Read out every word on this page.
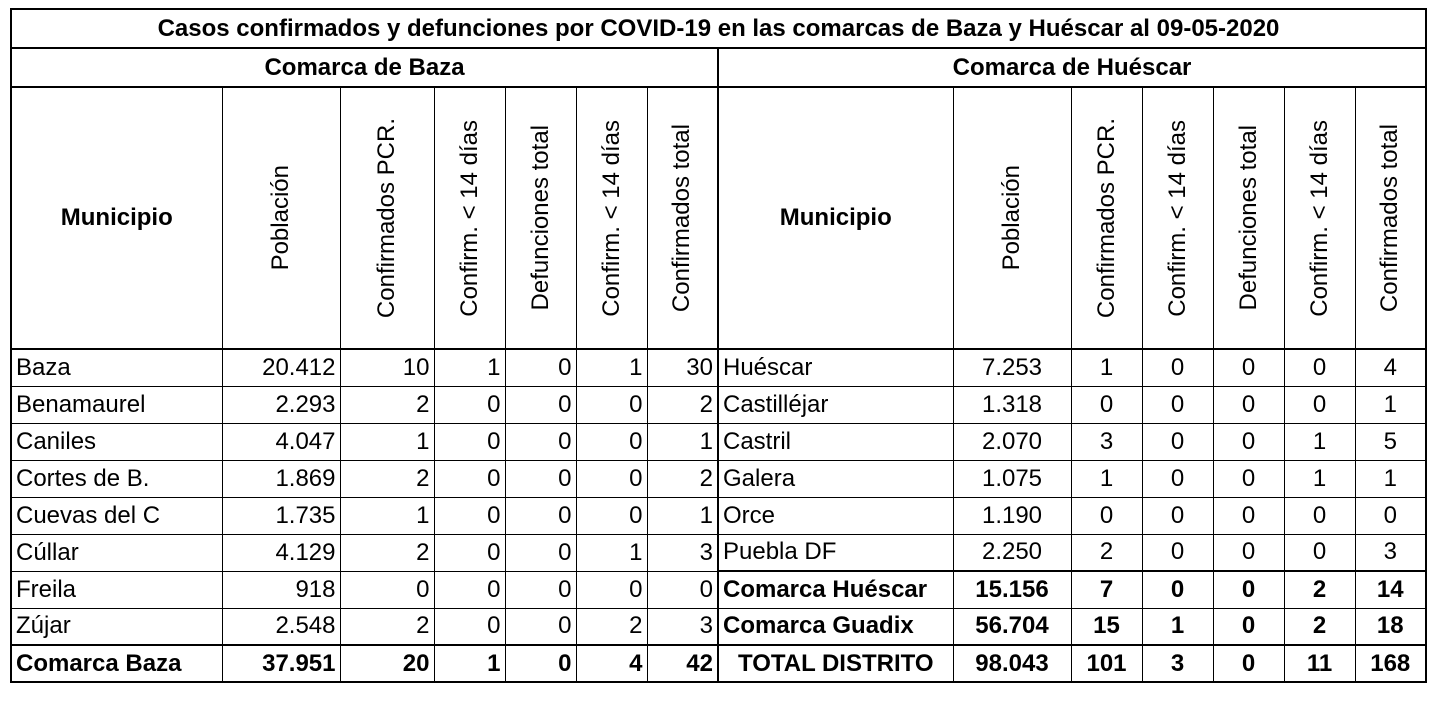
Casos confirmados y defunciones por COVID-19 en las comarcas de Baza y Huéscar al 09-05-2020													
Comarca de Baza							Comarca de Huéscar						
Municipio	Población	Confirmados PCR.	Confirm. < 14 días	Defunciones total	Confirm. < 14 días	Confirmados total	Municipio	Población	Confirmados PCR.	Confirm. < 14 días	Defunciones total	Confirm. < 14 días	Confirmados total

Baza	20.412	10	1	0	1	30	Huéscar	7.253	1	0	0	0	4
Benamaurel	2.293	2	0	0	0	2	Castilléjar	1.318	0	0	0	0	1
Caniles	4.047	1	0	0	0	1	Castril	2.070	3	0	0	1	5
Cortes de B.	1.869	2	0	0	0	2	Galera	1.075	1	0	0	1	1
Cuevas del C	1.735	1	0	0	0	1	Orce	1.190	0	0	0	0	0
Cúllar	4.129	2	0	0	1	3	Puebla DF	2.250	2	0	0	0	3
Freila	918	0	0	0	0	0	Comarca Huéscar	15.156	7	0	0	2	14
Zújar	2.548	2	0	0	2	3	Comarca Guadix	56.704	15	1	0	2	18
Comarca Baza	37.951	20	1	0	4	42	TOTAL DISTRITO	98.043	101	3	0	11	168
